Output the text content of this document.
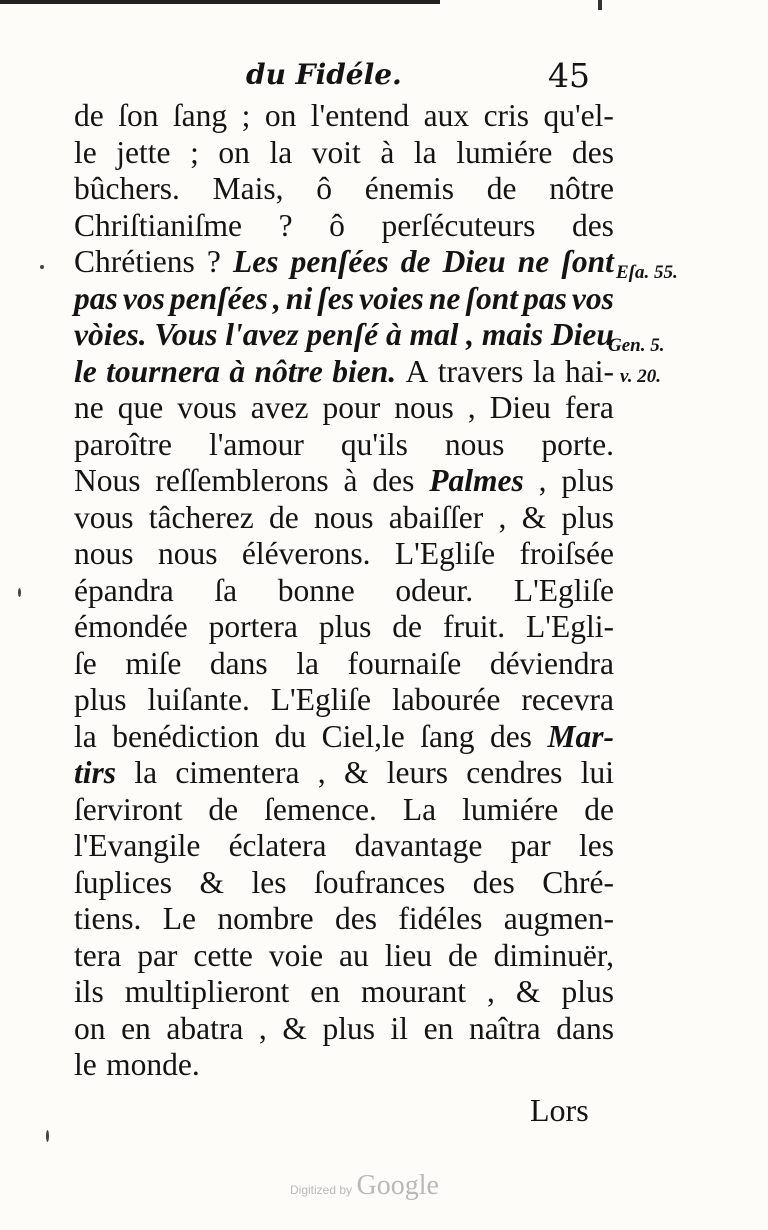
du Fidéle.	45
de ſon ſang ; on l'entend aux cris qu'el-
le jette ; on la voit à la lumiére des
bûchers. Mais, ô énemis de nôtre
Chriſtianiſme ? ô perſécuteurs des
Chrétiens ? Les penſées de Dieu ne ſont
pas vos penſées , ni ſes voies ne ſont pas vos
vòies. Vous l'avez penſé à mal , mais Dieu
le tournera à nôtre bien. A travers la hai-
ne que vous avez pour nous , Dieu fera
paroître l'amour qu'ils nous porte.
Nous reſſemblerons à des Palmes , plus
vous tâcherez de nous abaiſſer , & plus
nous nous éléverons. L'Egliſe froiſsée
épandra ſa bonne odeur. L'Egliſe
émondée portera plus de fruit. L'Egli-
ſe miſe dans la fournaiſe déviendra
plus luiſante. L'Egliſe labourée recevra
la benédiction du Ciel,le ſang des Mar-
tirs la cimentera , & leurs cendres lui
ſerviront de ſemence. La lumiére de
l'Evangile éclatera davantage par les
ſuplices & les ſoufrances des Chré-
tiens. Le nombre des fidéles augmen-
tera par cette voie au lieu de diminuër,
ils multiplieront en mourant , & plus
on en abatra , & plus il en naîtra dans
le monde.
Eſa. 55.
Gen. 5.
v. 20.
Lors
Digitized by Google
